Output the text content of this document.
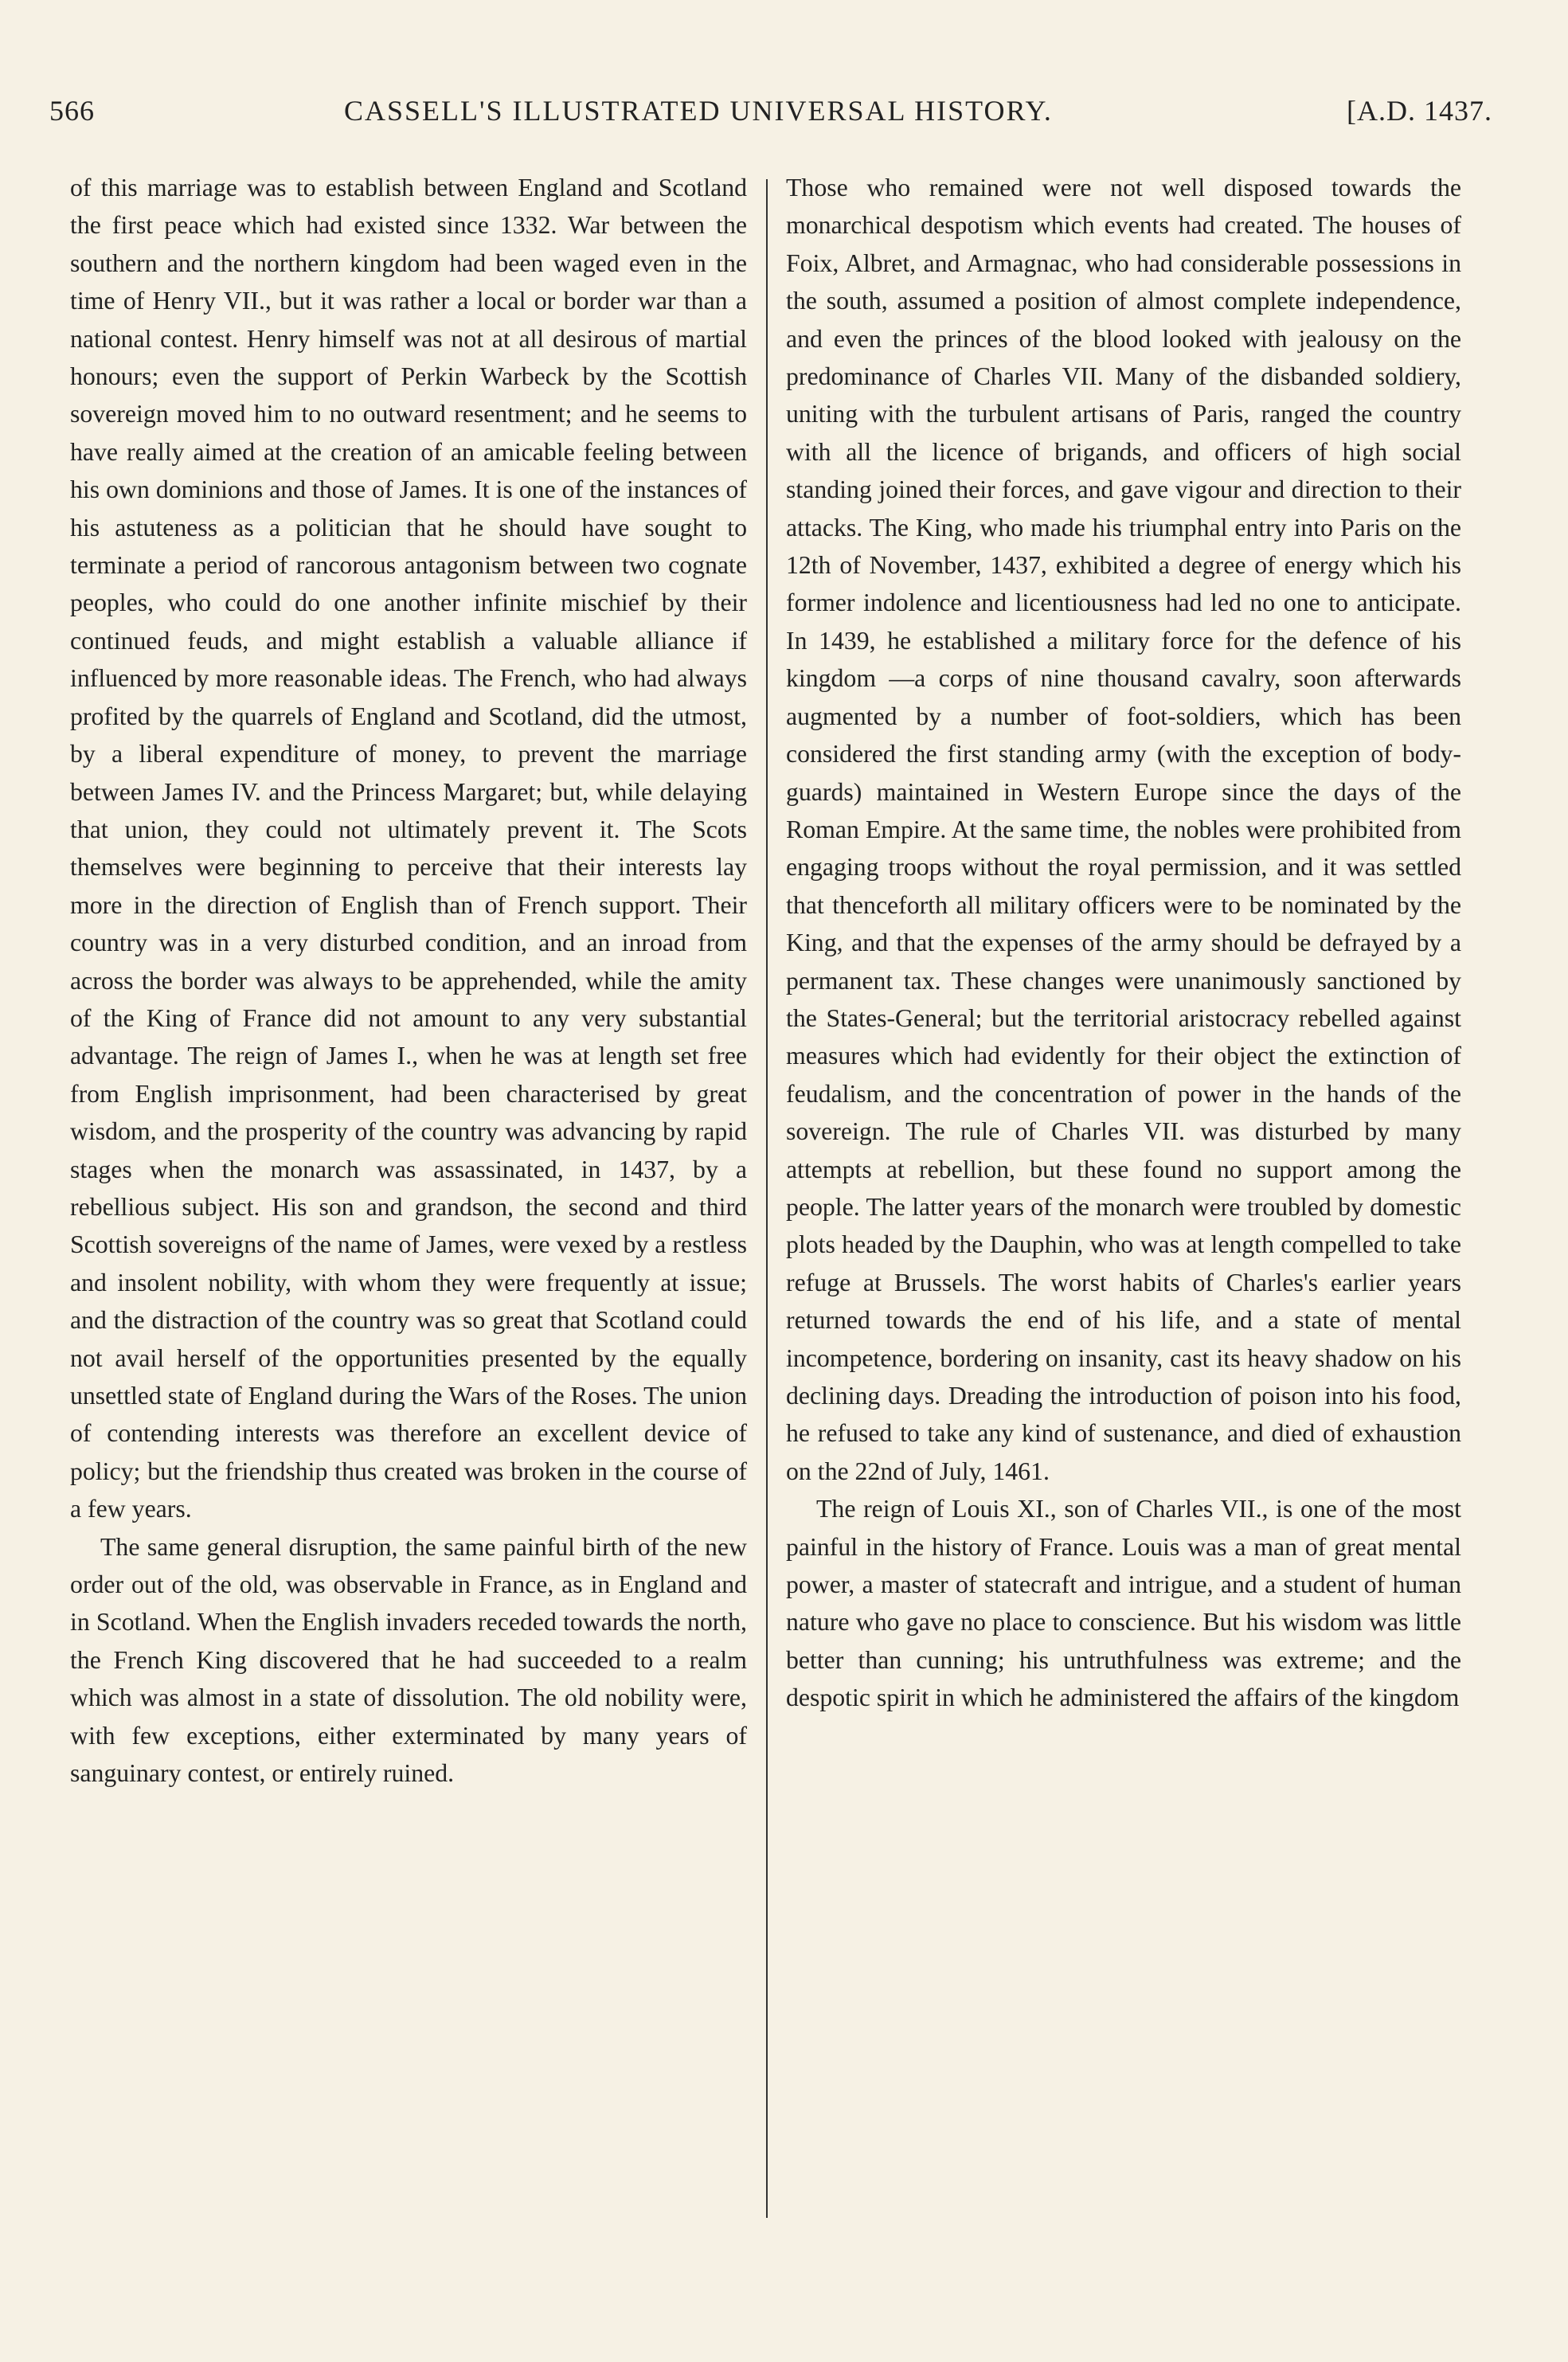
566	CASSELL'S ILLUSTRATED UNIVERSAL HISTORY.	[A.D. 1437.

of this marriage was to establish between England and Scotland the first peace which had existed since 1332. War between the southern and the northern kingdom had been waged even in the time of Henry VII., but it was rather a local or border war than a national contest. Henry himself was not at all desirous of martial honours; even the support of Perkin Warbeck by the Scottish sovereign moved him to no outward resentment; and he seems to have really aimed at the creation of an amicable feeling between his own dominions and those of James. It is one of the instances of his astuteness as a politician that he should have sought to terminate a period of rancorous antagonism between two cognate peoples, who could do one another infinite mischief by their continued feuds, and might establish a valuable alliance if influenced by more reasonable ideas. The French, who had always profited by the quarrels of England and Scotland, did the utmost, by a liberal expenditure of money, to prevent the marriage between James IV. and the Princess Margaret; but, while delaying that union, they could not ultimately prevent it. The Scots themselves were beginning to perceive that their interests lay more in the direction of English than of French support. Their country was in a very disturbed condition, and an inroad from across the border was always to be apprehended, while the amity of the King of France did not amount to any very substantial advantage. The reign of James I., when he was at length set free from English imprisonment, had been characterised by great wisdom, and the prosperity of the country was advancing by rapid stages when the monarch was assassinated, in 1437, by a rebellious subject. His son and grandson, the second and third Scottish sovereigns of the name of James, were vexed by a restless and insolent nobility, with whom they were frequently at issue; and the distraction of the country was so great that Scotland could not avail herself of the opportunities presented by the equally unsettled state of England during the Wars of the Roses. The union of contending interests was therefore an excellent device of policy; but the friendship thus created was broken in the course of a few years.

The same general disruption, the same painful birth of the new order out of the old, was observable in France, as in England and in Scotland. When the English invaders receded towards the north, the French King discovered that he had succeeded to a realm which was almost in a state of dissolution. The old nobility were, with few exceptions, either exterminated by many years of sanguinary contest, or entirely ruined.

Those who remained were not well disposed towards the monarchical despotism which events had created. The houses of Foix, Albret, and Armagnac, who had considerable possessions in the south, assumed a position of almost complete independence, and even the princes of the blood looked with jealousy on the predominance of Charles VII. Many of the disbanded soldiery, uniting with the turbulent artisans of Paris, ranged the country with all the licence of brigands, and officers of high social standing joined their forces, and gave vigour and direction to their attacks. The King, who made his triumphal entry into Paris on the 12th of November, 1437, exhibited a degree of energy which his former indolence and licentiousness had led no one to anticipate. In 1439, he established a military force for the defence of his kingdom —a corps of nine thousand cavalry, soon afterwards augmented by a number of foot-soldiers, which has been considered the first standing army (with the exception of body-guards) maintained in Western Europe since the days of the Roman Empire. At the same time, the nobles were prohibited from engaging troops without the royal permission, and it was settled that thenceforth all military officers were to be nominated by the King, and that the expenses of the army should be defrayed by a permanent tax. These changes were unanimously sanctioned by the States-General; but the territorial aristocracy rebelled against measures which had evidently for their object the extinction of feudalism, and the concentration of power in the hands of the sovereign. The rule of Charles VII. was disturbed by many attempts at rebellion, but these found no support among the people. The latter years of the monarch were troubled by domestic plots headed by the Dauphin, who was at length compelled to take refuge at Brussels. The worst habits of Charles's earlier years returned towards the end of his life, and a state of mental incompetence, bordering on insanity, cast its heavy shadow on his declining days. Dreading the introduction of poison into his food, he refused to take any kind of sustenance, and died of exhaustion on the 22nd of July, 1461.

The reign of Louis XI., son of Charles VII., is one of the most painful in the history of France. Louis was a man of great mental power, a master of statecraft and intrigue, and a student of human nature who gave no place to conscience. But his wisdom was little better than cunning; his untruthfulness was extreme; and the despotic spirit in which he administered the affairs of the kingdom
